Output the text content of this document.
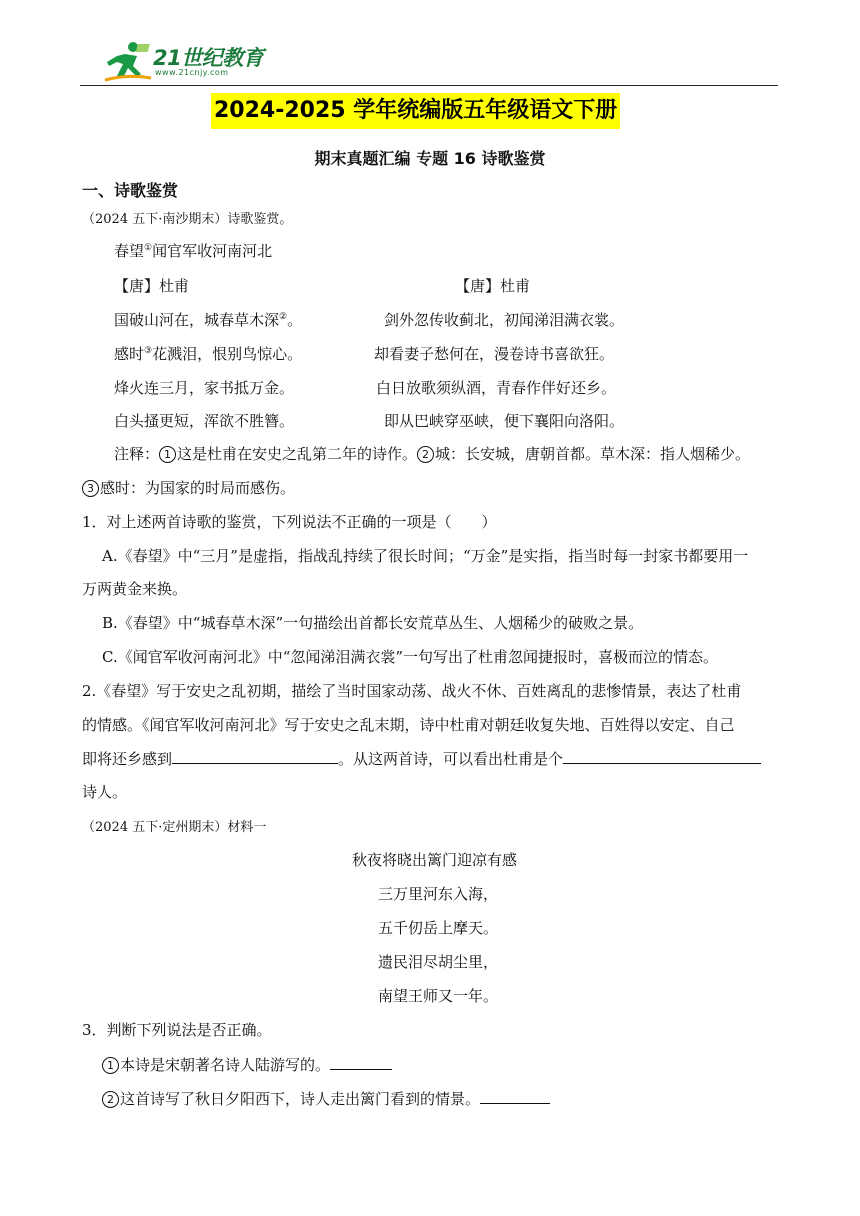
21世纪教育
www.21cnjy.com
2024-2025 学年统编版五年级语文下册
期末真题汇编 专题 16 诗歌鉴赏
一、诗歌鉴赏
（2024 五下·南沙期末）诗歌鉴赏。
春望①闻官军收河南河北
【唐】杜甫	【唐】杜甫
国破山河在，城春草木深②。
感时③花溅泪，恨别鸟惊心。
烽火连三月，家书抵万金。
白头搔更短，浑欲不胜簪。
剑外忽传收蓟北，初闻涕泪满衣裳。
却看妻子愁何在，漫卷诗书喜欲狂。
白日放歌须纵酒，青春作伴好还乡。
即从巴峡穿巫峡，便下襄阳向洛阳。
注释： 1 这是杜甫在安史之乱第二年的诗作。 2 城：长安城，唐朝首都。草木深：指人烟稀少。
3 感时：为国家的时局而感伤。
1．对上述两首诗歌的鉴赏，下列说法不正确的一项是（　　）
A.《春望》中“三月”是虚指，指战乱持续了很长时间；“万金”是实指，指当时每一封家书都要用一
万两黄金来换。
B.《春望》中“城春草木深”一句描绘出首都长安荒草丛生、人烟稀少的破败之景。
C.《闻官军收河南河北》中“忽闻涕泪满衣裳”一句写出了杜甫忽闻捷报时，喜极而泣的情态。
2.《春望》写于安史之乱初期，描绘了当时国家动荡、战火不休、百姓离乱的悲惨情景，表达了杜甫
的情感。《闻官军收河南河北》写于安史之乱末期，诗中杜甫对朝廷收复失地、百姓得以安定、自己
即将还乡感到	。从这两首诗，可以看出杜甫是个
诗人。
（2024 五下·定州期末）材料一
秋夜将晓出篱门迎凉有感
三万里河东入海，
五千仞岳上摩天。
遗民泪尽胡尘里，
南望王师又一年。
3．判断下列说法是否正确。
1 本诗是宋朝著名诗人陆游写的。
2 这首诗写了秋日夕阳西下，诗人走出篱门看到的情景。
